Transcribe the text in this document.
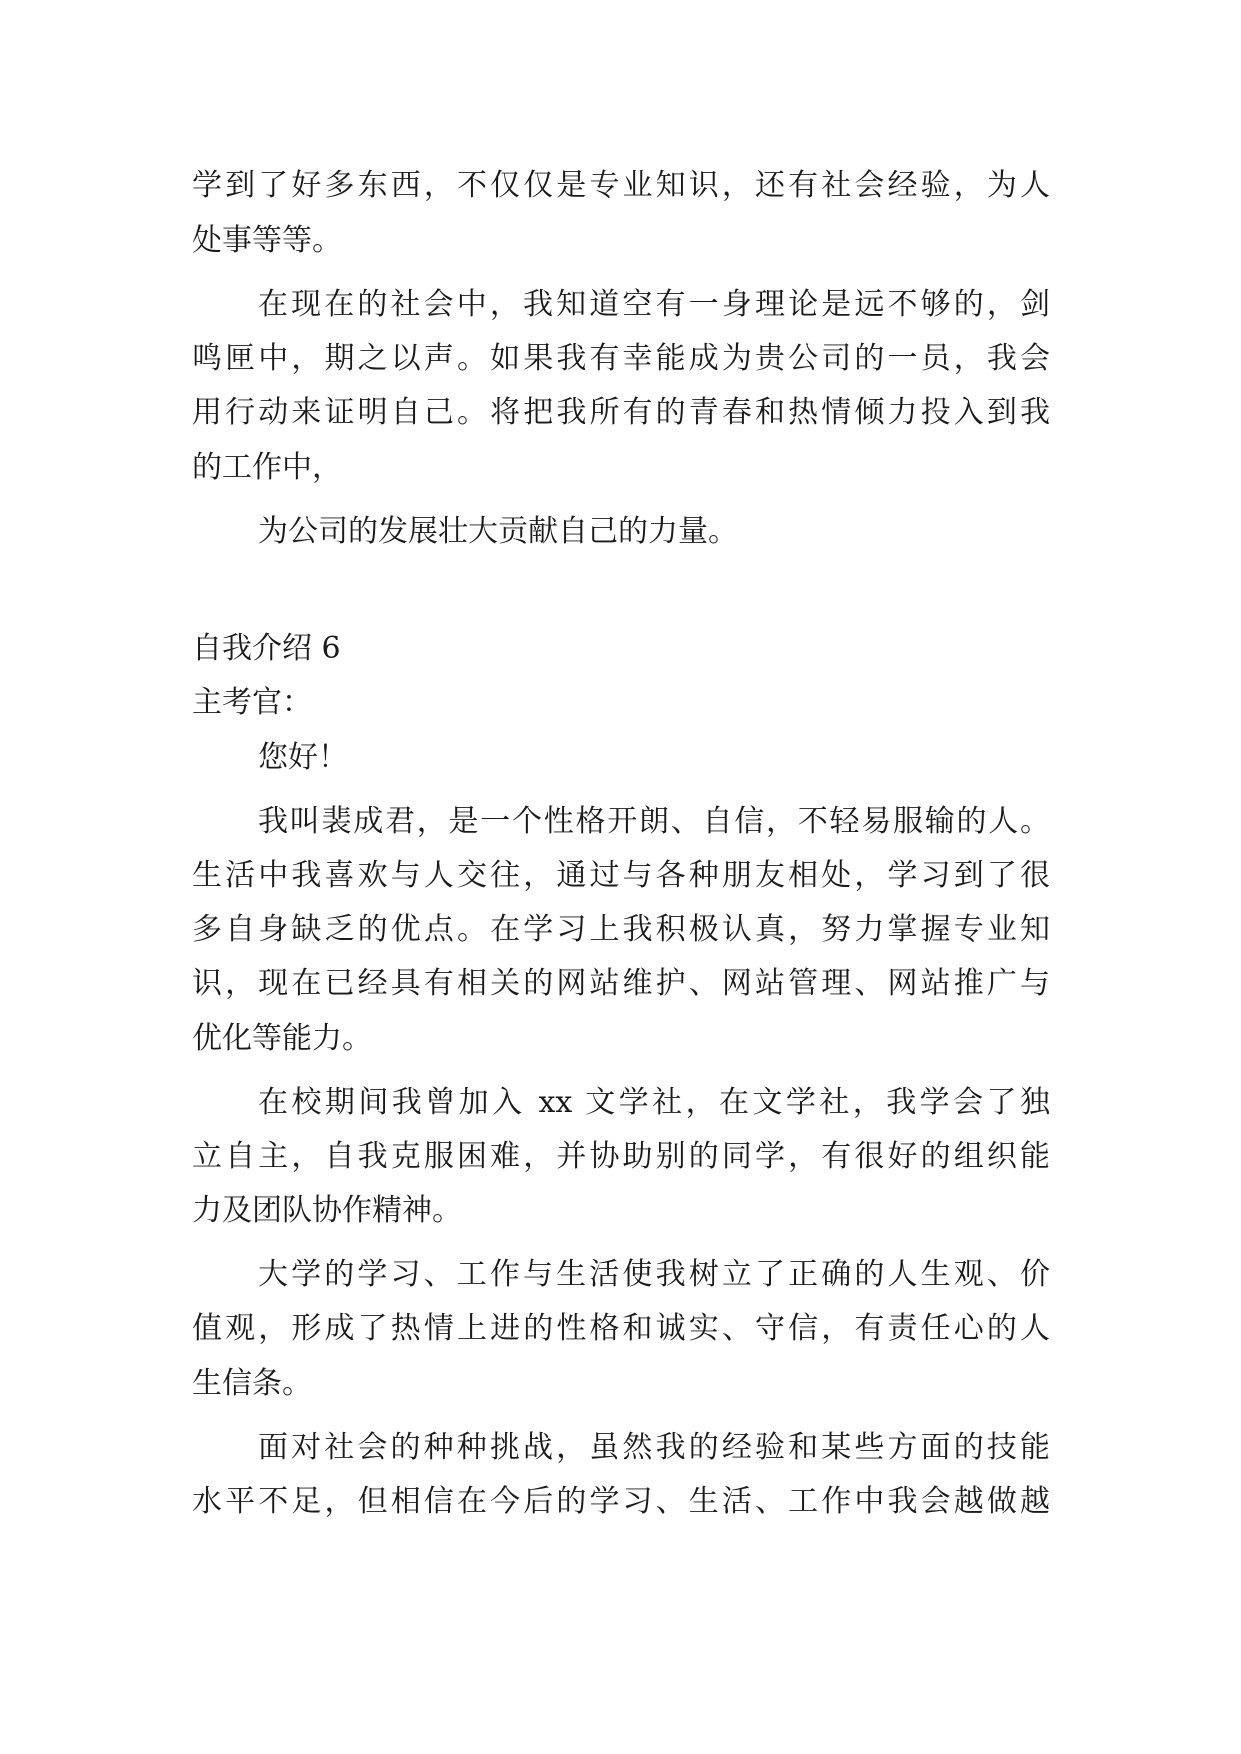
学到了好多东西，不仅仅是专业知识，还有社会经验，为人
处事等等。
在现在的社会中，我知道空有一身理论是远不够的，剑
鸣匣中，期之以声。如果我有幸能成为贵公司的一员，我会
用行动来证明自己。将把我所有的青春和热情倾力投入到我
的工作中，
为公司的发展壮大贡献自己的力量。
自我介绍 6
主考官：
您好！
我叫裴成君，是一个性格开朗、自信，不轻易服输的人。
生活中我喜欢与人交往，通过与各种朋友相处，学习到了很
多自身缺乏的优点。在学习上我积极认真，努力掌握专业知
识，现在已经具有相关的网站维护、网站管理、网站推广与
优化等能力。
在校期间我曾加入 xx 文学社，在文学社，我学会了独
立自主，自我克服困难，并协助别的同学，有很好的组织能
力及团队协作精神。
大学的学习、工作与生活使我树立了正确的人生观、价
值观，形成了热情上进的性格和诚实、守信，有责任心的人
生信条。
面对社会的种种挑战，虽然我的经验和某些方面的技能
水平不足，但相信在今后的学习、生活、工作中我会越做越
